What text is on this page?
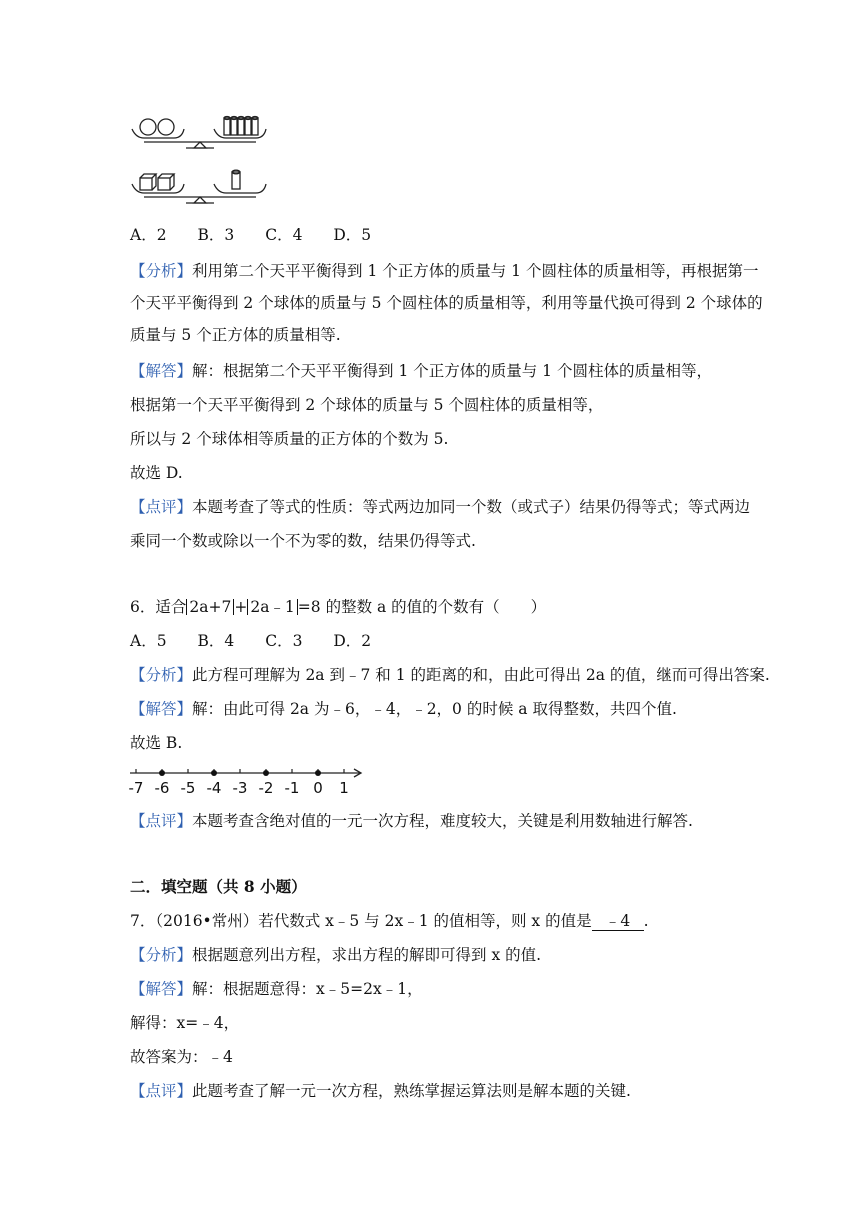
A．2 B．3 C．4 D．5
【分析】利用第二个天平平衡得到 1 个正方体的质量与 1 个圆柱体的质量相等，再根据第一
个天平平衡得到 2 个球体的质量与 5 个圆柱体的质量相等，利用等量代换可得到 2 个球体的
质量与 5 个正方体的质量相等.
【解答】解：根据第二个天平平衡得到 1 个正方体的质量与 1 个圆柱体的质量相等，
根据第一个天平平衡得到 2 个球体的质量与 5 个圆柱体的质量相等，
所以与 2 个球体相等质量的正方体的个数为 5.
故选 D.
【点评】本题考查了等式的性质：等式两边加同一个数（或式子）结果仍得等式；等式两边
乘同一个数或除以一个不为零的数，结果仍得等式.
6．适合 2a+7 + 2a﹣1 =8 的整数 a 的值的个数有（　　）
A．5 B．4 C．3 D．2
【分析】此方程可理解为 2a 到﹣7 和 1 的距离的和，由此可得出 2a 的值，继而可得出答案.
【解答】解：由此可得 2a 为﹣6，﹣4，﹣2，0 的时候 a 取得整数，共四个值.
故选 B.
-7 -6 -5 -4 -3 -2 -1 0 1
【点评】本题考查含绝对值的一元一次方程，难度较大，关键是利用数轴进行解答.
二．填空题（共 8 小题）
7．（2016•常州）若代数式 x﹣5 与 2x﹣1 的值相等，则 x 的值是 ﹣4 .
【分析】根据题意列出方程，求出方程的解即可得到 x 的值.
【解答】解：根据题意得：x﹣5=2x﹣1，
解得：x=﹣4，
故答案为：﹣4
【点评】此题考查了解一元一次方程，熟练掌握运算法则是解本题的关键.
